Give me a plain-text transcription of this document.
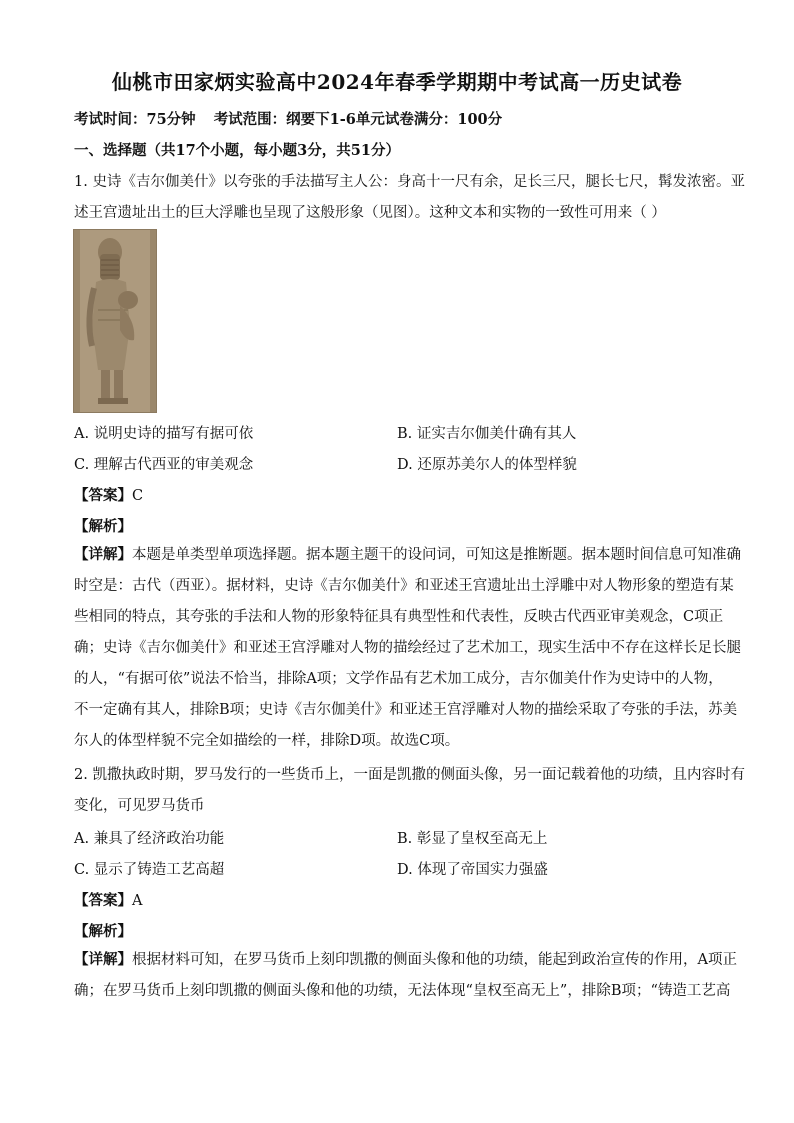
仙桃市田家炳实验高中2024年春季学期期中考试高一历史试卷
考试时间：75分钟 考试范围：纲要下1-6单元试卷满分：100分
一、选择题（共17个小题，每小题3分，共51分）
1. 史诗《吉尔伽美什》以夸张的手法描写主人公：身高十一尺有余，足长三尺，腿长七尺，髯发浓密。亚
述王宫遗址出土的巨大浮雕也呈现了这般形象（见图）。这种文本和实物的一致性可用来（ ）
A. 说明史诗的描写有据可依	B. 证实吉尔伽美什确有其人
C. 理解古代西亚的审美观念	D. 还原苏美尔人的体型样貌
【答案】C
【解析】
【详解】本题是单类型单项选择题。据本题主题干的设问词，可知这是推断题。据本题时间信息可知准确
时空是：古代（西亚）。据材料，史诗《吉尔伽美什》和亚述王宫遗址出土浮雕中对人物形象的塑造有某
些相同的特点，其夸张的手法和人物的形象特征具有典型性和代表性，反映古代西亚审美观念，C项正
确；史诗《吉尔伽美什》和亚述王宫浮雕对人物的描绘经过了艺术加工，现实生活中不存在这样长足长腿
的人，“有据可依”说法不恰当，排除A项；文学作品有艺术加工成分，吉尔伽美什作为史诗中的人物，
不一定确有其人，排除B项；史诗《吉尔伽美什》和亚述王宫浮雕对人物的描绘采取了夸张的手法，苏美
尔人的体型样貌不完全如描绘的一样，排除D项。故选C项。
2. 凯撒执政时期，罗马发行的一些货币上，一面是凯撒的侧面头像，另一面记载着他的功绩，且内容时有
变化，可见罗马货币
A. 兼具了经济政治功能	B. 彰显了皇权至高无上
C. 显示了铸造工艺高超	D. 体现了帝国实力强盛
【答案】A
【解析】
【详解】根据材料可知，在罗马货币上刻印凯撒的侧面头像和他的功绩，能起到政治宣传的作用，A项正
确；在罗马货币上刻印凯撒的侧面头像和他的功绩，无法体现“皇权至高无上”，排除B项；“铸造工艺高
